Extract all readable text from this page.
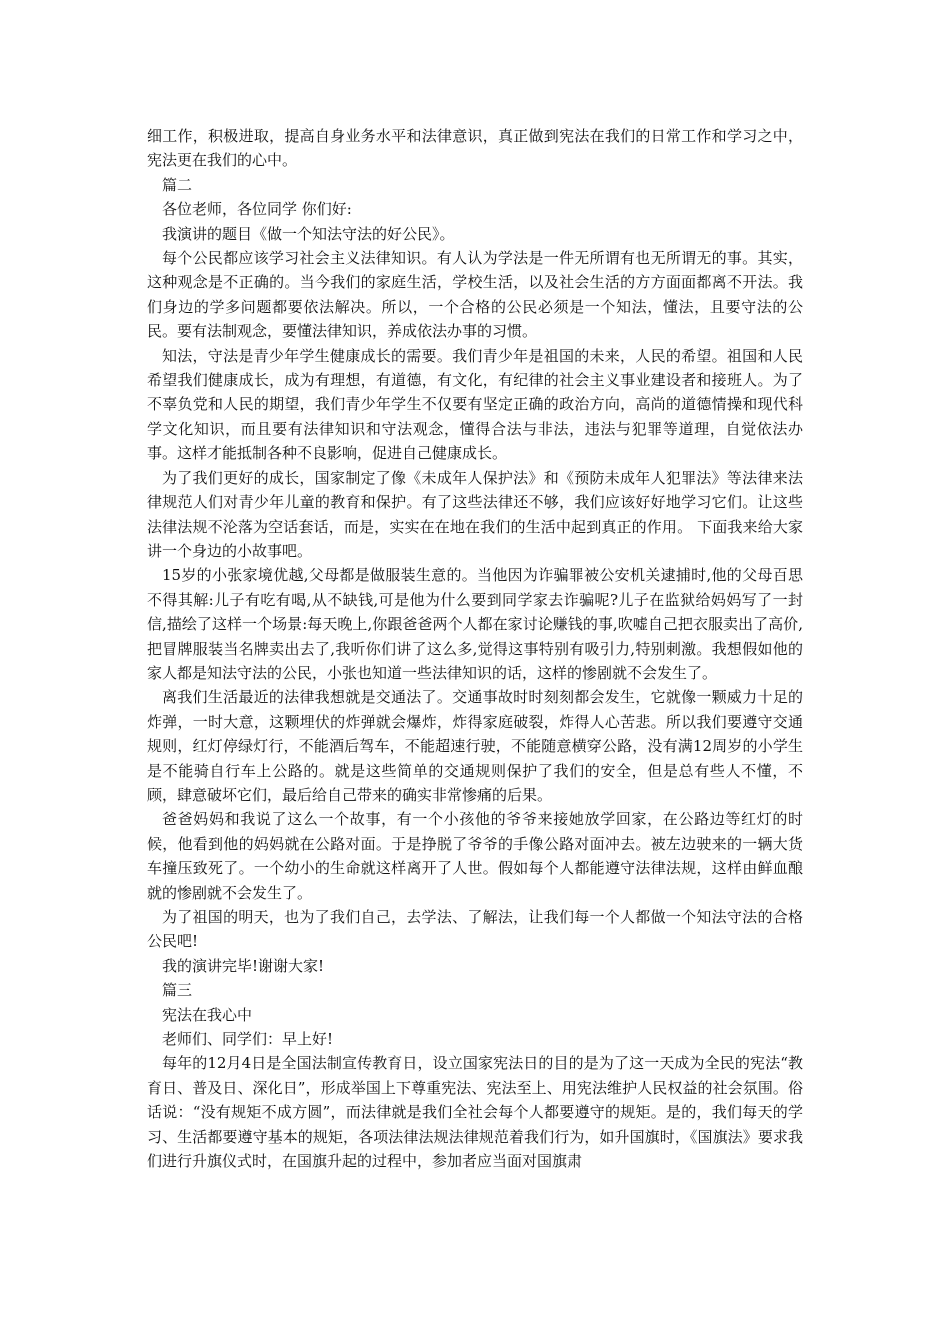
细工作，积极进取，提高自身业务水平和法律意识，真正做到宪法在我们的日常工作和学习之中，宪法更在我们的心中。

篇二

各位老师，各位同学 你们好:

我演讲的题目《做一个知法守法的好公民》。

每个公民都应该学习社会主义法律知识。有人认为学法是一件无所谓有也无所谓无的事。其实，这种观念是不正确的。当今我们的家庭生活，学校生活，以及社会生活的方方面面都离不开法。我们身边的学多问题都要依法解决。所以，一个合格的公民必须是一个知法，懂法，且要守法的公民。要有法制观念，要懂法律知识，养成依法办事的习惯。

知法，守法是青少年学生健康成长的需要。我们青少年是祖国的未来，人民的希望。祖国和人民希望我们健康成长，成为有理想，有道德，有文化，有纪律的社会主义事业建设者和接班人。为了不辜负党和人民的期望，我们青少年学生不仅要有坚定正确的政治方向，高尚的道德情操和现代科学文化知识，而且要有法律知识和守法观念，懂得合法与非法，违法与犯罪等道理，自觉依法办事。这样才能抵制各种不良影响，促进自己健康成长。

为了我们更好的成长，国家制定了像《未成年人保护法》和《预防未成年人犯罪法》等法律来法律规范人们对青少年儿童的教育和保护。有了这些法律还不够，我们应该好好地学习它们。让这些法律法规不沦落为空话套话，而是，实实在在地在我们的生活中起到真正的作用。 下面我来给大家讲一个身边的小故事吧。

15岁的小张家境优越,父母都是做服装生意的。当他因为诈骗罪被公安机关逮捕时,他的父母百思不得其解:儿子有吃有喝,从不缺钱,可是他为什么要到同学家去诈骗呢?儿子在监狱给妈妈写了一封信,描绘了这样一个场景:每天晚上,你跟爸爸两个人都在家讨论赚钱的事,吹嘘自己把衣服卖出了高价,把冒牌服装当名牌卖出去了,我听你们讲了这么多,觉得这事特别有吸引力,特别刺激。我想假如他的家人都是知法守法的公民，小张也知道一些法律知识的话，这样的惨剧就不会发生了。

离我们生活最近的法律我想就是交通法了。交通事故时时刻刻都会发生，它就像一颗威力十足的炸弹，一时大意，这颗埋伏的炸弹就会爆炸，炸得家庭破裂，炸得人心苦悲。所以我们要遵守交通规则，红灯停绿灯行，不能酒后驾车，不能超速行驶，不能随意横穿公路，没有满12周岁的小学生是不能骑自行车上公路的。就是这些简单的交通规则保护了我们的安全，但是总有些人不懂，不顾，肆意破坏它们，最后给自己带来的确实非常惨痛的后果。

爸爸妈妈和我说了这么一个故事，有一个小孩他的爷爷来接她放学回家，在公路边等红灯的时候，他看到他的妈妈就在公路对面。于是挣脱了爷爷的手像公路对面冲去。被左边驶来的一辆大货车撞压致死了。一个幼小的生命就这样离开了人世。假如每个人都能遵守法律法规，这样由鲜血酿就的惨剧就不会发生了。

为了祖国的明天，也为了我们自己，去学法、了解法，让我们每一个人都做一个知法守法的合格公民吧!

我的演讲完毕!谢谢大家!

篇三

宪法在我心中

老师们、同学们：早上好!

每年的12月4日是全国法制宣传教育日，设立国家宪法日的目的是为了这一天成为全民的宪法“教育日、普及日、深化日”，形成举国上下尊重宪法、宪法至上、用宪法维护人民权益的社会氛围。俗话说：“没有规矩不成方圆”，而法律就是我们全社会每个人都要遵守的规矩。是的，我们每天的学习、生活都要遵守基本的规矩，各项法律法规法律规范着我们行为，如升国旗时，《国旗法》要求我们进行升旗仪式时，在国旗升起的过程中，参加者应当面对国旗肃
